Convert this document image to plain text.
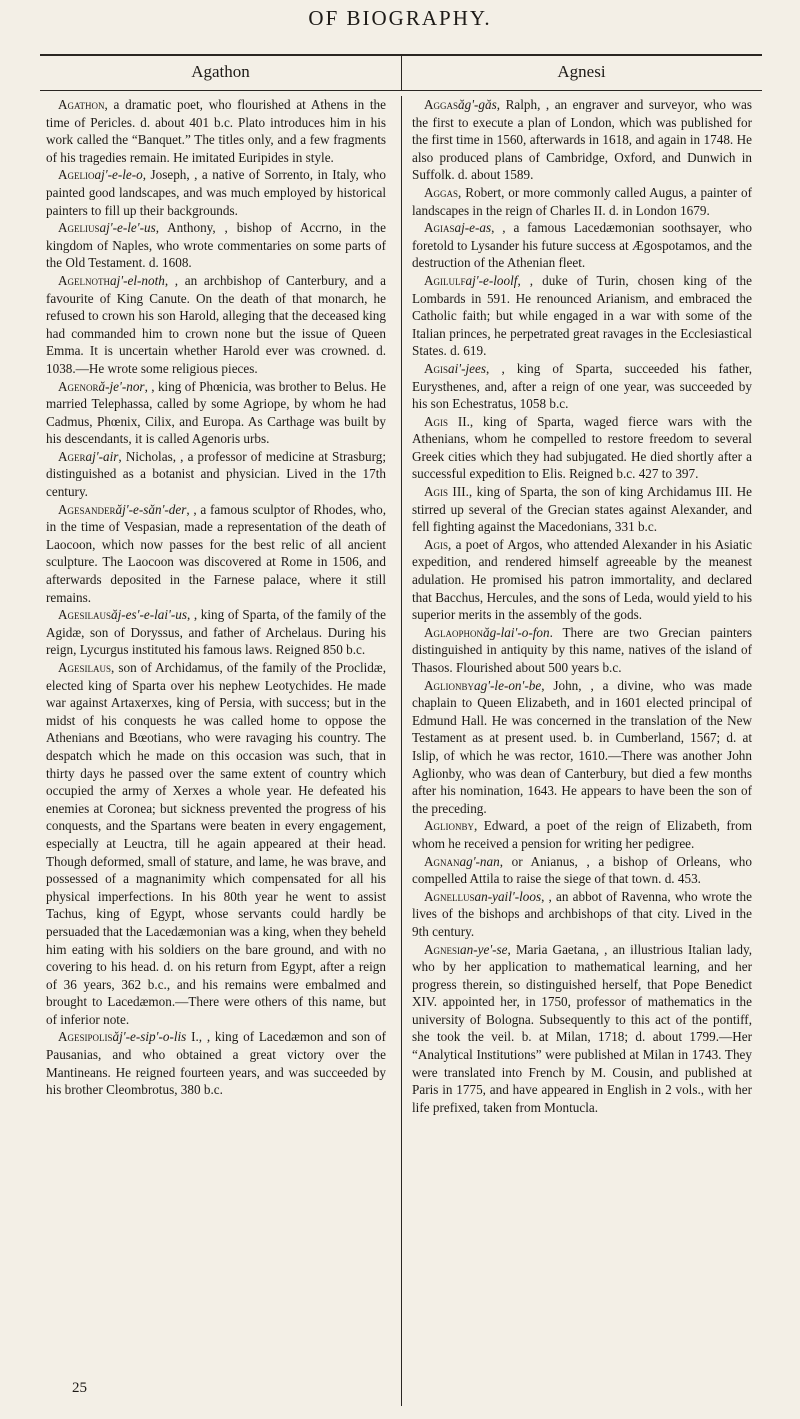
OF BIOGRAPHY.
Agathon	Agnesi

Agathon, a dramatic poet, who flourished at Athens in the time of Pericles. d. about 401 b.c. Plato introduces him in his work called the “Banquet.” The titles only, and a few fragments of his tragedies remain. He imitated Euripides in style.

Agelioaj'-e-le-o, Joseph, , a native of Sorrento, in Italy, who painted good landscapes, and was much employed by historical painters to fill up their backgrounds.

Ageliusaj'-e-le'-us, Anthony, , bishop of Accrno, in the kingdom of Naples, who wrote commentaries on some parts of the Old Testament. d. 1608.

Agelnothaj'-el-noth, , an archbishop of Canterbury, and a favourite of King Canute. On the death of that monarch, he refused to crown his son Harold, alleging that the deceased king had commanded him to crown none but the issue of Queen Emma. It is uncertain whether Harold ever was crowned. d. 1038.—He wrote some religious pieces.

Agenoră-je'-nor, , king of Phœnicia, was brother to Belus. He married Telephassa, called by some Agriope, by whom he had Cadmus, Phœnix, Cilix, and Europa. As Carthage was built by his descendants, it is called Agenoris urbs.

Ageraj'-air, Nicholas, , a professor of medicine at Strasburg; distinguished as a botanist and physician. Lived in the 17th century.

Agesanderăj'-e-săn'-der, , a famous sculptor of Rhodes, who, in the time of Vespasian, made a representation of the death of Laocoon, which now passes for the best relic of all ancient sculpture. The Laocoon was discovered at Rome in 1506, and afterwards deposited in the Farnese palace, where it still remains.

Agesilausăj-es'-e-lai'-us, , king of Sparta, of the family of the Agidæ, son of Doryssus, and father of Archelaus. During his reign, Lycurgus instituted his famous laws. Reigned 850 b.c.

Agesilaus, son of Archidamus, of the family of the Proclidæ, elected king of Sparta over his nephew Leotychides. He made war against Artaxerxes, king of Persia, with success; but in the midst of his conquests he was called home to oppose the Athenians and Bœotians, who were ravaging his country. The despatch which he made on this occasion was such, that in thirty days he passed over the same extent of country which occupied the army of Xerxes a whole year. He defeated his enemies at Coronea; but sickness prevented the progress of his conquests, and the Spartans were beaten in every engagement, especially at Leuctra, till he again appeared at their head. Though deformed, small of stature, and lame, he was brave, and possessed of a magnanimity which compensated for all his physical imperfections. In his 80th year he went to assist Tachus, king of Egypt, whose servants could hardly be persuaded that the Lacedæmonian was a king, when they beheld him eating with his soldiers on the bare ground, and with no covering to his head. d. on his return from Egypt, after a reign of 36 years, 362 b.c., and his remains were embalmed and brought to Lacedæmon.—There were others of this name, but of inferior note.

Agesipolisăj'-e-sip'-o-lis I., , king of Lacedæmon and son of Pausanias, and who obtained a great victory over the Mantineans. He reigned fourteen years, and was succeeded by his brother Cleombrotus, 380 b.c.

Aggasăg'-găs, Ralph, , an engraver and surveyor, who was the first to execute a plan of London, which was published for the first time in 1560, afterwards in 1618, and again in 1748. He also produced plans of Cambridge, Oxford, and Dunwich in Suffolk. d. about 1589.

Aggas, Robert, or more commonly called Augus, a painter of landscapes in the reign of Charles II. d. in London 1679.

Agiasaj-e-as, , a famous Lacedæmonian soothsayer, who foretold to Lysander his future success at Ægospotamos, and the destruction of the Athenian fleet.

Agilulfaj'-e-loolf, , duke of Turin, chosen king of the Lombards in 591. He renounced Arianism, and embraced the Catholic faith; but while engaged in a war with some of the Italian princes, he perpetrated great ravages in the Ecclesiastical States. d. 619.

Agisai'-jees, , king of Sparta, succeeded his father, Eurysthenes, and, after a reign of one year, was succeeded by his son Echestratus, 1058 b.c.

Agis II., king of Sparta, waged fierce wars with the Athenians, whom he compelled to restore freedom to several Greek cities which they had subjugated. He died shortly after a successful expedition to Elis. Reigned b.c. 427 to 397.

Agis III., king of Sparta, the son of king Archidamus III. He stirred up several of the Grecian states against Alexander, and fell fighting against the Macedonians, 331 b.c.

Agis, a poet of Argos, who attended Alexander in his Asiatic expedition, and rendered himself agreeable by the meanest adulation. He promised his patron immortality, and declared that Bacchus, Hercules, and the sons of Leda, would yield to his superior merits in the assembly of the gods.

Aglaophonăg-lai'-o-fon. There are two Grecian painters distinguished in antiquity by this name, natives of the island of Thasos. Flourished about 500 years b.c.

Aglionbyag'-le-on'-be, John, , a divine, who was made chaplain to Queen Elizabeth, and in 1601 elected principal of Edmund Hall. He was concerned in the translation of the New Testament as at present used. b. in Cumberland, 1567; d. at Islip, of which he was rector, 1610.—There was another John Aglionby, who was dean of Canterbury, but died a few months after his nomination, 1643. He appears to have been the son of the preceding.

Aglionby, Edward, a poet of the reign of Elizabeth, from whom he received a pension for writing her pedigree.

Agnanag'-nan, or Anianus, , a bishop of Orleans, who compelled Attila to raise the siege of that town. d. 453.

Agnellusan-yail'-loos, , an abbot of Ravenna, who wrote the lives of the bishops and archbishops of that city. Lived in the 9th century.

Agnesian-ye'-se, Maria Gaetana, , an illustrious Italian lady, who by her application to mathematical learning, and her progress therein, so distinguished herself, that Pope Benedict XIV. appointed her, in 1750, professor of mathematics in the university of Bologna. Subsequently to this act of the pontiff, she took the veil. b. at Milan, 1718; d. about 1799.—Her “Analytical Institutions” were published at Milan in 1743. They were translated into French by M. Cousin, and published at Paris in 1775, and have appeared in English in 2 vols., with her life prefixed, taken from Montucla.

25
